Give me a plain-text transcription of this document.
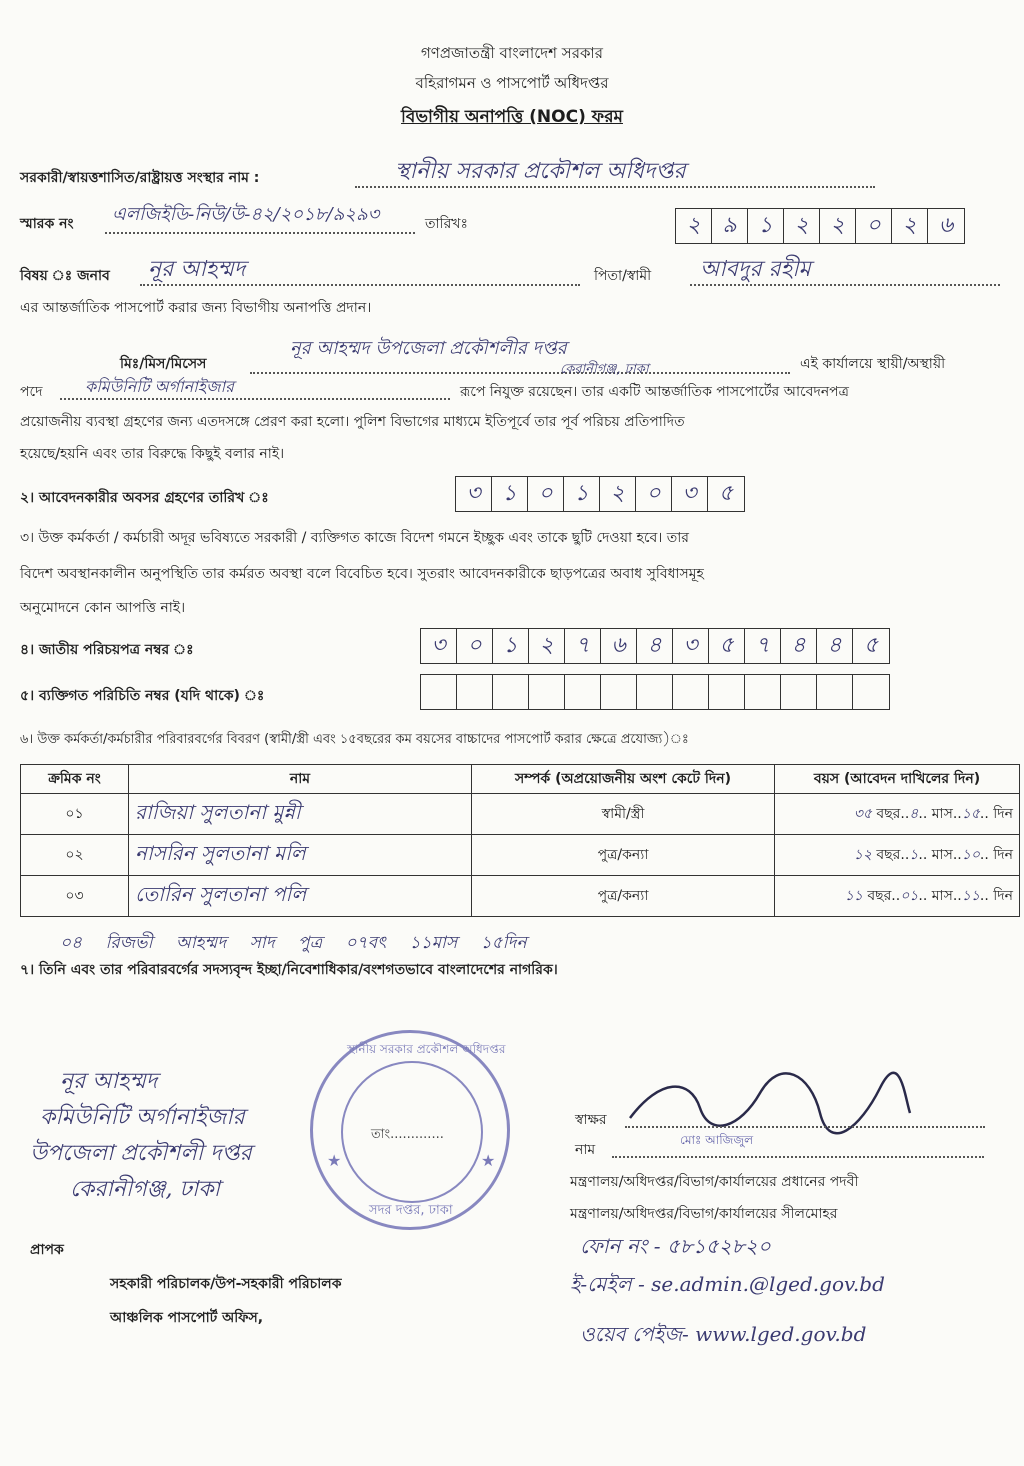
গণপ্রজাতন্ত্রী বাংলাদেশ সরকার
বহিরাগমন ও পাসপোর্ট অধিদপ্তর
বিভাগীয় অনাপত্তি (NOC) ফরম
সরকারী/স্বায়ত্তশাসিত/রাষ্ট্রায়ত্ত সংস্থার নাম :	স্থানীয় সরকার প্রকৌশল অধিদপ্তর
স্মারক নং এলজিইডি-নিউ/উ-৪২/২০১৮/৯২৯৩	তারিখঃ	২ ৯ ১ ২ ২ ০ ২	৬
বিষয় ঃ জনাব নূর আহম্মদ	পিতা/স্বামী আবদুর রহীম
এর আন্তর্জাতিক পাসপোর্ট করার জন্য বিভাগীয় অনাপত্তি প্রদান।
মিঃ/মিস/মিসেস
নূর আহম্মদ উপজেলা প্রকৌশলীর দপ্তর
এই কার্যালয়ে স্থায়ী/অস্থায়ী
পদে	কমিউনিটি অর্গানাইজার
কেরানীগঞ্জ, ঢাকা
রূপে নিযুক্ত রয়েছেন। তার একটি আন্তর্জাতিক পাসপোর্টের আবেদনপত্র
প্রয়োজনীয় ব্যবস্থা গ্রহণের জন্য এতদসঙ্গে প্রেরণ করা হলো। পুলিশ বিভাগের মাধ্যমে ইতিপূর্বে তার পূর্ব পরিচয় প্রতিপাদিত
হয়েছে/হয়নি এবং তার বিরুদ্ধে কিছুই বলার নাই।
২। আবেদনকারীর অবসর গ্রহণের তারিখ ঃ	৩ ১ ০ ১ ২ ০ ৩	৫
৩। উক্ত কর্মকর্তা / কর্মচারী অদূর ভবিষ্যতে সরকারী / ব্যক্তিগত কাজে বিদেশ গমনে ইচ্ছুক এবং তাকে ছুটি দেওয়া হবে। তার
বিদেশ অবস্থানকালীন অনুপস্থিতি তার কর্মরত অবস্থা বলে বিবেচিত হবে। সুতরাং আবেদনকারীকে ছাড়পত্রের অবাধ সুবিধাসমূহ
অনুমোদনে কোন আপত্তি নাই।
৪। জাতীয় পরিচয়পত্র নম্বর ঃ	৩ ০ ১ ২ ৭ ৬ ৪ ৩ ৫ ৭ ৪ ৪	৫
৫। ব্যক্তিগত পরিচিতি নম্বর (যদি থাকে) ঃ
৬। উক্ত কর্মকর্তা/কর্মচারীর পরিবারবর্গের বিবরণ (স্বামী/স্ত্রী এবং ১৫বছরের কম বয়সের বাচ্চাদের পাসপোর্ট করার ক্ষেত্রে প্রযোজ্য)ঃ
ক্রমিক নং	নাম	সম্পর্ক (অপ্রয়োজনীয় অংশ কেটে দিন)	বয়স (আবেদন দাখিলের দিন)
০১	রাজিয়া সুলতানা মুন্নী	স্বামী/স্ত্রী	৩৫ বছর..৪.. মাস..১৫.. দিন
০২	নাসরিন সুলতানা মলি	পুত্র/কন্যা	১২ বছর..১.. মাস..১০.. দিন
০৩	তোরিন সুলতানা পলি	পুত্র/কন্যা	১১ বছর..০১.. মাস..১১.. দিন
০৪ রিজভী আহম্মদ সাদ পুত্র ০৭বৎ ১১মাস ১৫দিন
৭। তিনি এবং তার পরিবারবর্গের সদস্যবৃন্দ ইচ্ছা/নিবেশাধিকার/বংশগতভাবে বাংলাদেশের নাগরিক।
নূর আহম্মদ
কমিউনিটি অর্গানাইজার
উপজেলা প্রকৌশলী দপ্তর
কেরানীগঞ্জ, ঢাকা
স্থানীয় সরকার প্রকৌশল অধিদপ্তর
সদর দপ্তর, ঢাকা
তাং.............
★	★
স্বাক্ষর
নাম
মোঃ আজিজুল
মন্ত্রণালয়/অধিদপ্তর/বিভাগ/কার্যালয়ের প্রধানের পদবী
মন্ত্রণালয়/অধিদপ্তর/বিভাগ/কার্যালয়ের সীলমোহর
ফোন নং - ৫৮১৫২৮২০
ই-মেইল - se.admin.@lged.gov.bd
ওয়েব পেইজ- www.lged.gov.bd
প্রাপক
সহকারী পরিচালক/উপ-সহকারী পরিচালক
আঞ্চলিক পাসপোর্ট অফিস,
